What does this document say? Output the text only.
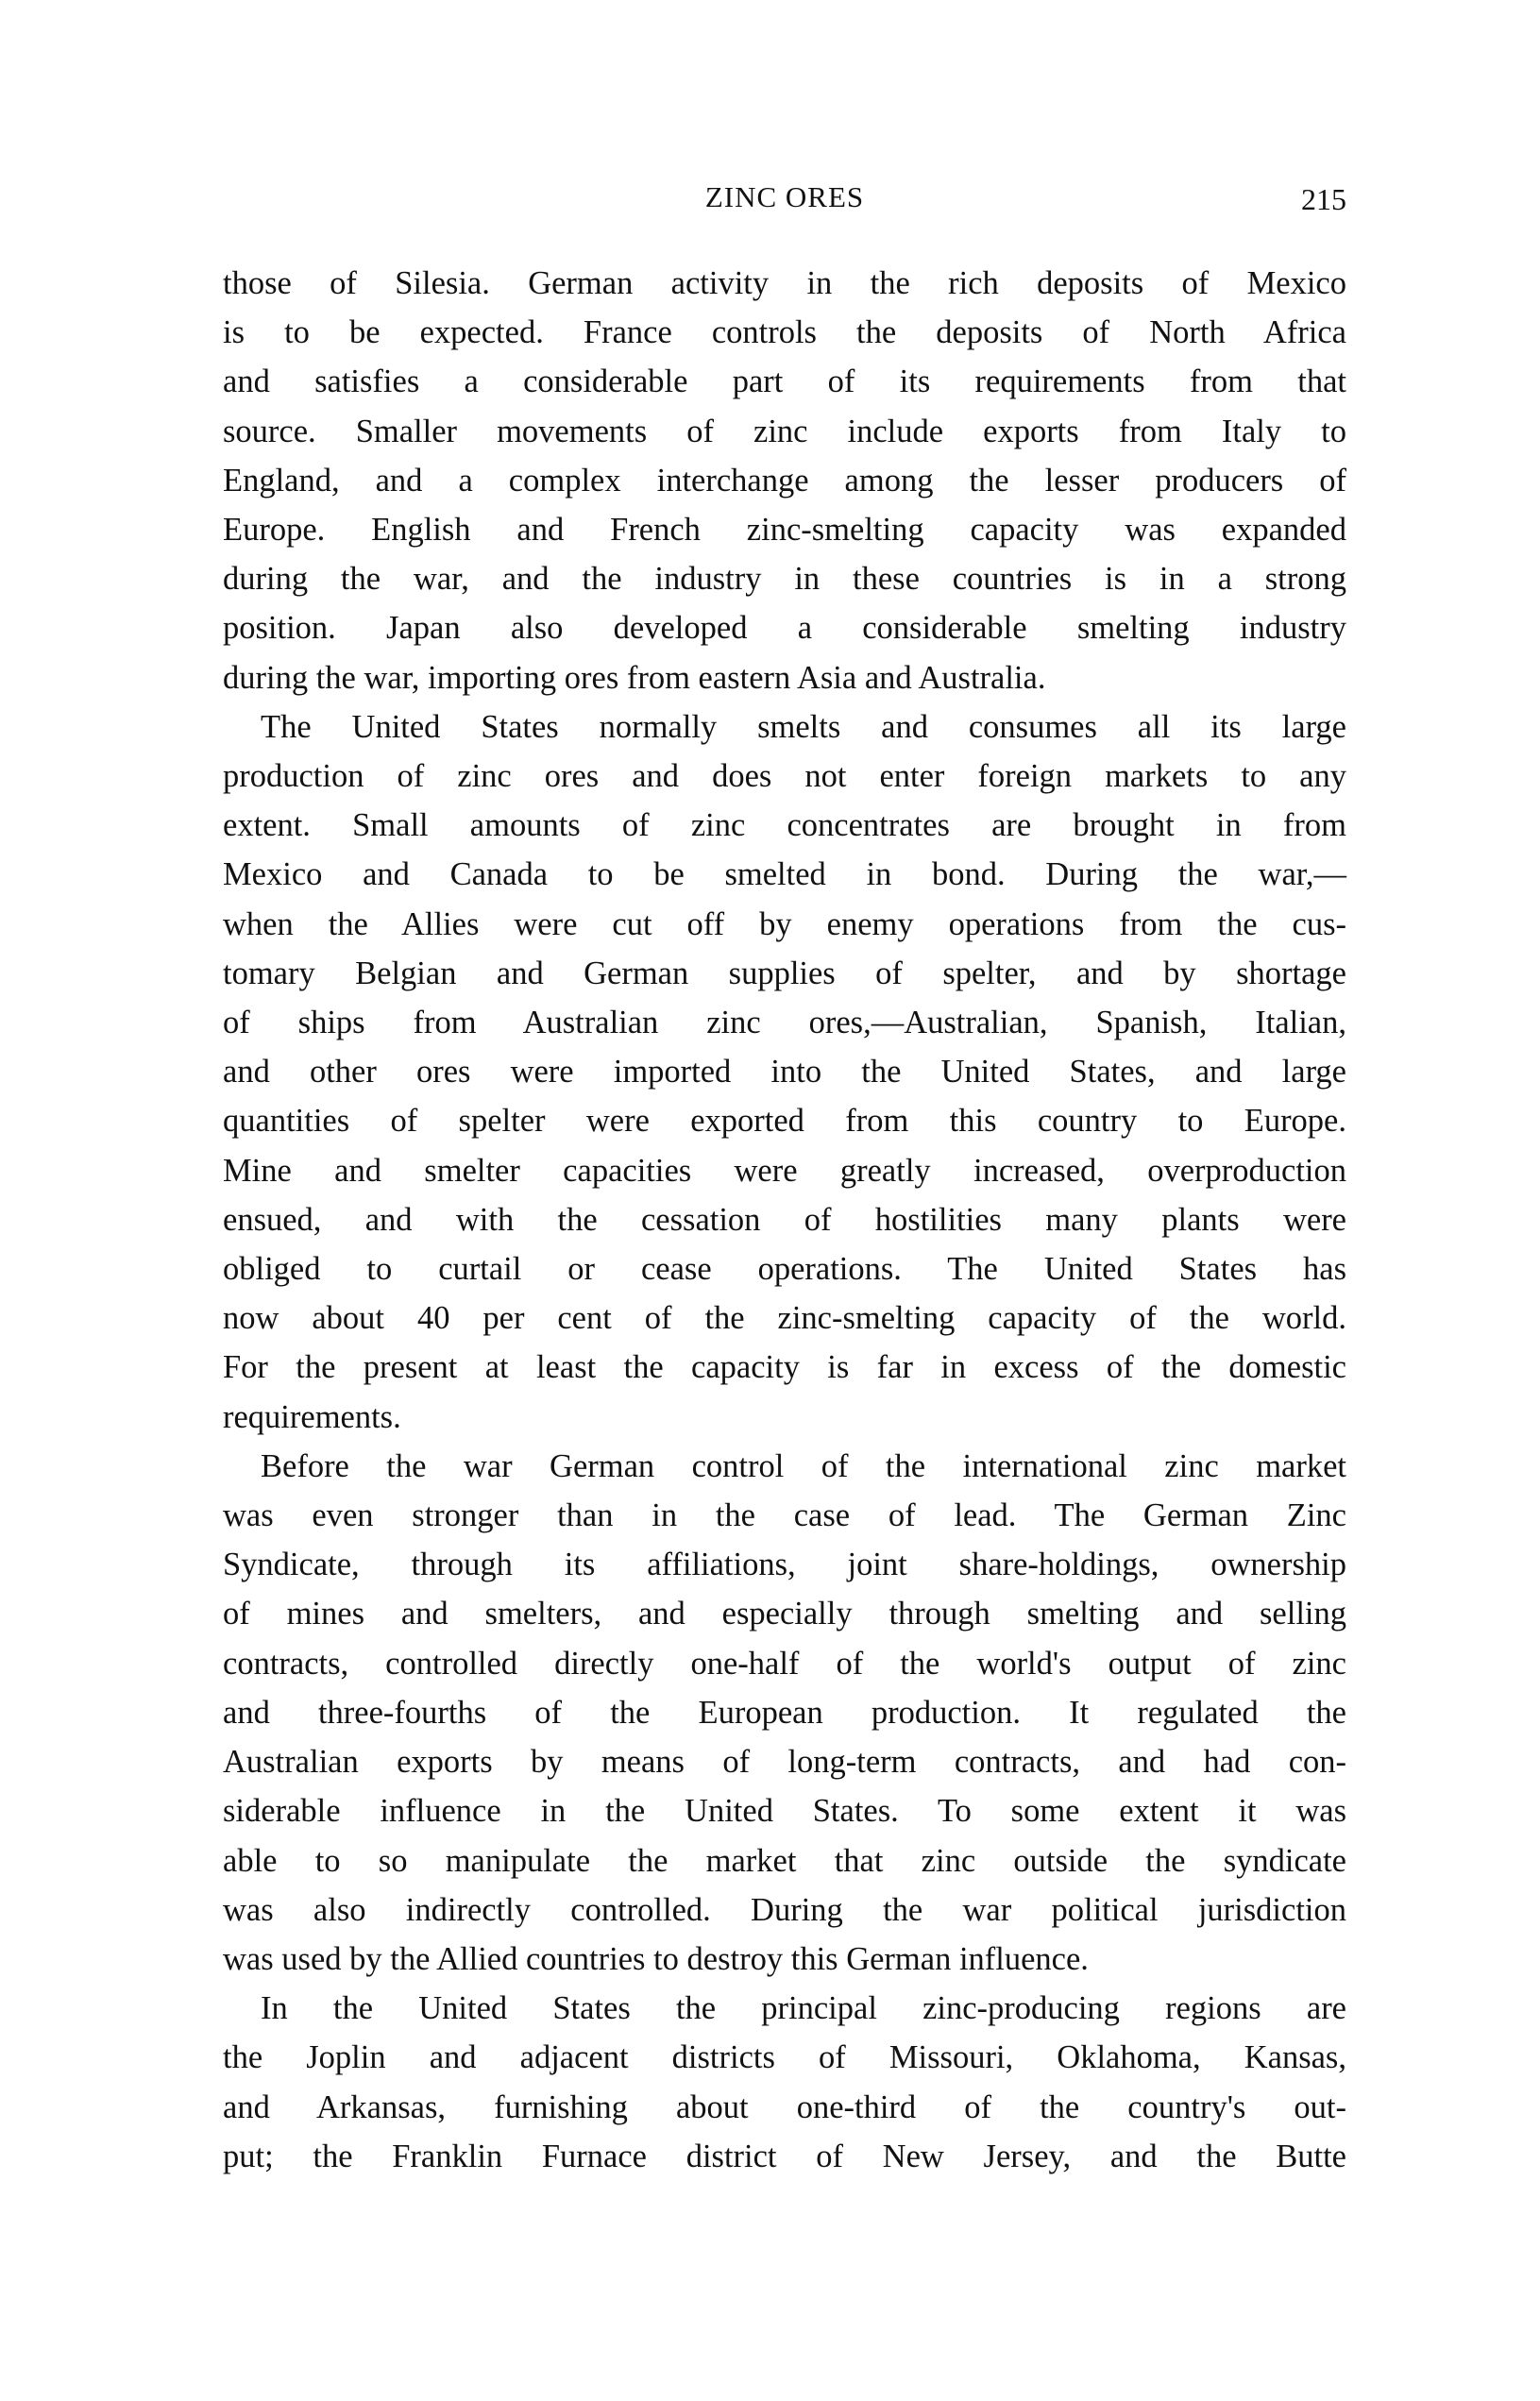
ZINC ORES	215

those of Silesia. German activity in the rich deposits of Mexico
is to be expected. France controls the deposits of North Africa
and satisfies a considerable part of its requirements from that
source. Smaller movements of zinc include exports from Italy to
England, and a complex interchange among the lesser producers of
Europe. English and French zinc-smelting capacity was expanded
during the war, and the industry in these countries is in a strong
position. Japan also developed a considerable smelting industry
during the war, importing ores from eastern Asia and Australia.

The United States normally smelts and consumes all its large
production of zinc ores and does not enter foreign markets to any
extent. Small amounts of zinc concentrates are brought in from
Mexico and Canada to be smelted in bond. During the war,—
when the Allies were cut off by enemy operations from the cus-
tomary Belgian and German supplies of spelter, and by shortage
of ships from Australian zinc ores,—Australian, Spanish, Italian,
and other ores were imported into the United States, and large
quantities of spelter were exported from this country to Europe.
Mine and smelter capacities were greatly increased, overproduction
ensued, and with the cessation of hostilities many plants were
obliged to curtail or cease operations. The United States has
now about 40 per cent of the zinc-smelting capacity of the world.
For the present at least the capacity is far in excess of the domestic
requirements.

Before the war German control of the international zinc market
was even stronger than in the case of lead. The German Zinc
Syndicate, through its affiliations, joint share-holdings, ownership
of mines and smelters, and especially through smelting and selling
contracts, controlled directly one-half of the world's output of zinc
and three-fourths of the European production. It regulated the
Australian exports by means of long-term contracts, and had con-
siderable influence in the United States. To some extent it was
able to so manipulate the market that zinc outside the syndicate
was also indirectly controlled. During the war political jurisdiction
was used by the Allied countries to destroy this German influence.

In the United States the principal zinc-producing regions are
the Joplin and adjacent districts of Missouri, Oklahoma, Kansas,
and Arkansas, furnishing about one-third of the country's out-
put; the Franklin Furnace district of New Jersey, and the Butte
